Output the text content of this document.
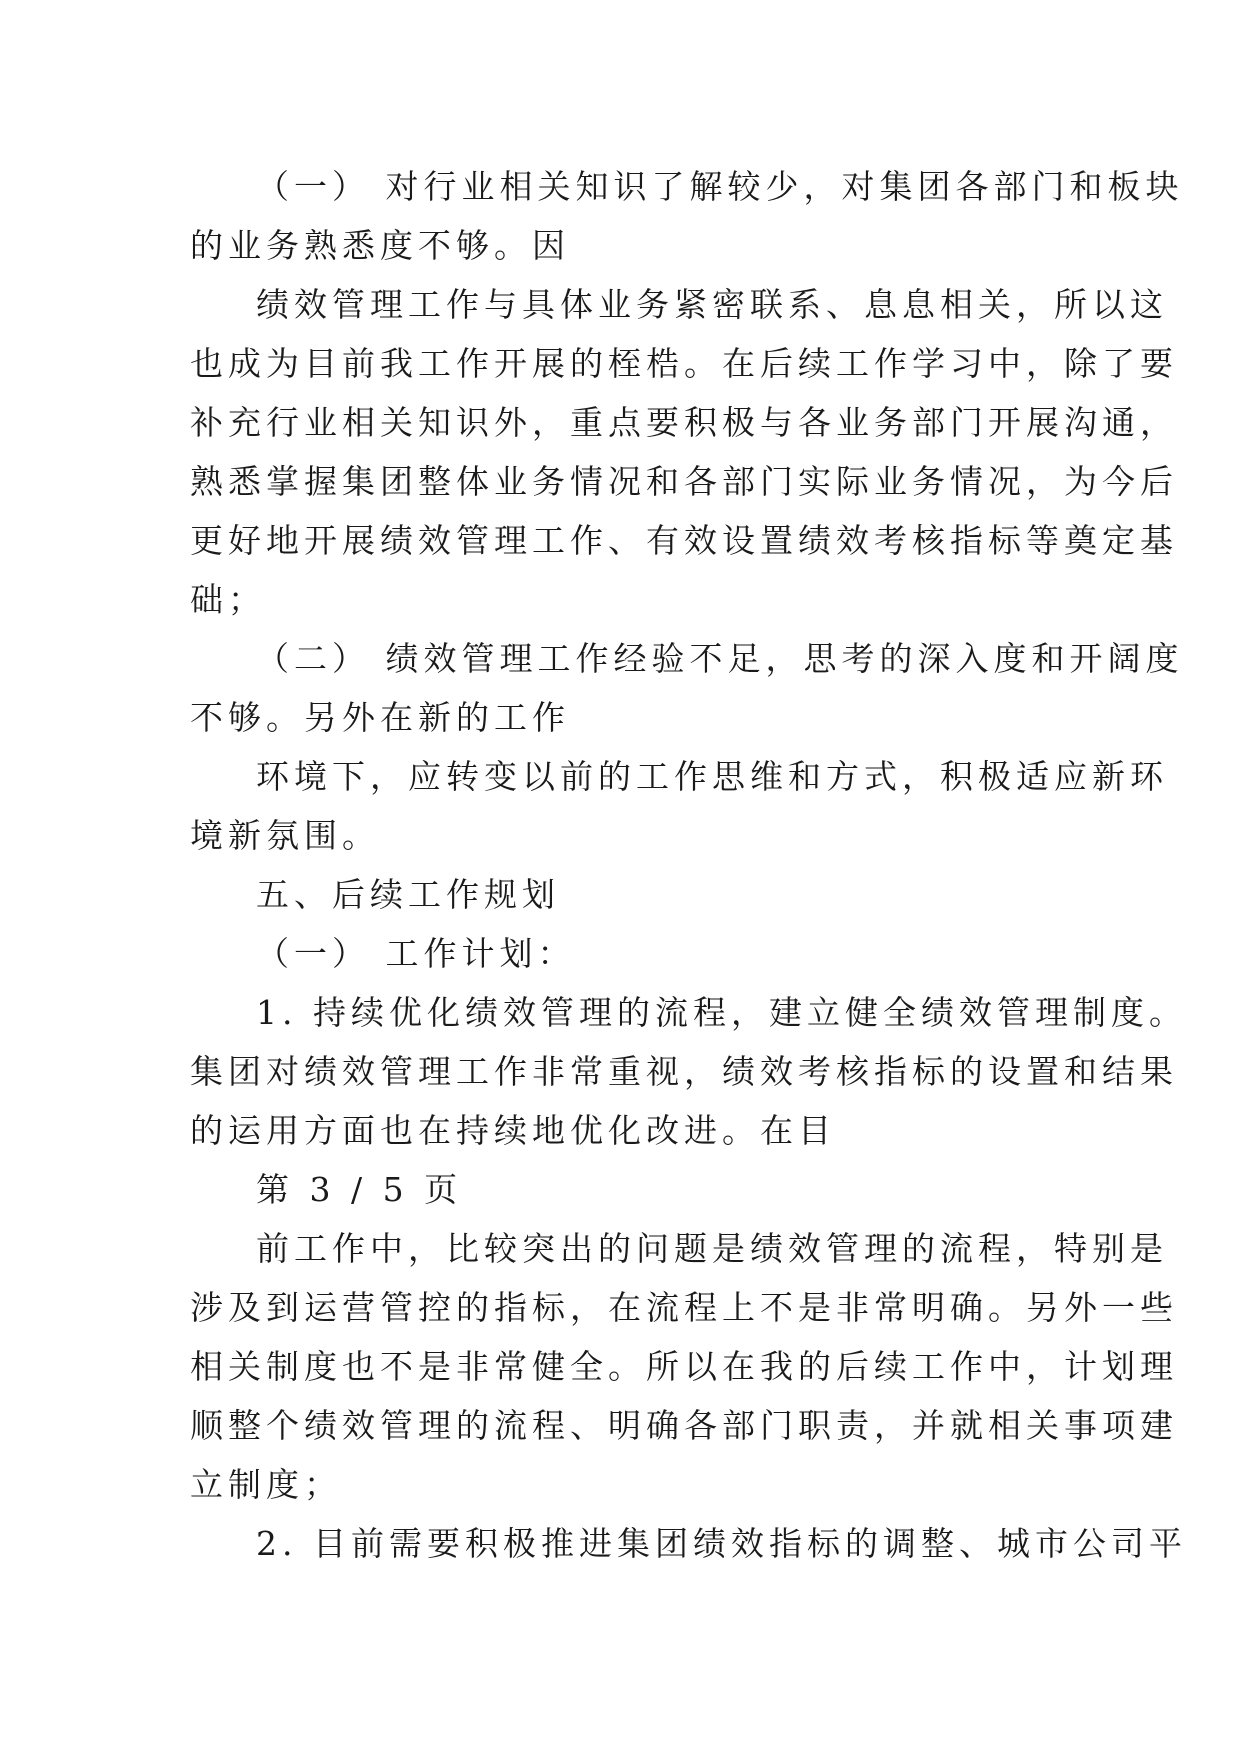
（一） 对行业相关知识了解较少，对集团各部门和板块
的业务熟悉度不够。因
绩效管理工作与具体业务紧密联系、息息相关，所以这
也成为目前我工作开展的桎梏。在后续工作学习中，除了要
补充行业相关知识外，重点要积极与各业务部门开展沟通，
熟悉掌握集团整体业务情况和各部门实际业务情况，为今后
更好地开展绩效管理工作、有效设置绩效考核指标等奠定基
础；
（二） 绩效管理工作经验不足，思考的深入度和开阔度
不够。另外在新的工作
环境下，应转变以前的工作思维和方式，积极适应新环
境新氛围。
五、后续工作规划
（一） 工作计划：
1. 持续优化绩效管理的流程，建立健全绩效管理制度。
集团对绩效管理工作非常重视，绩效考核指标的设置和结果
的运用方面也在持续地优化改进。在目
第 3 / 5 页
前工作中，比较突出的问题是绩效管理的流程，特别是
涉及到运营管控的指标，在流程上不是非常明确。另外一些
相关制度也不是非常健全。所以在我的后续工作中，计划理
顺整个绩效管理的流程、明确各部门职责，并就相关事项建
立制度；
2. 目前需要积极推进集团绩效指标的调整、城市公司平
